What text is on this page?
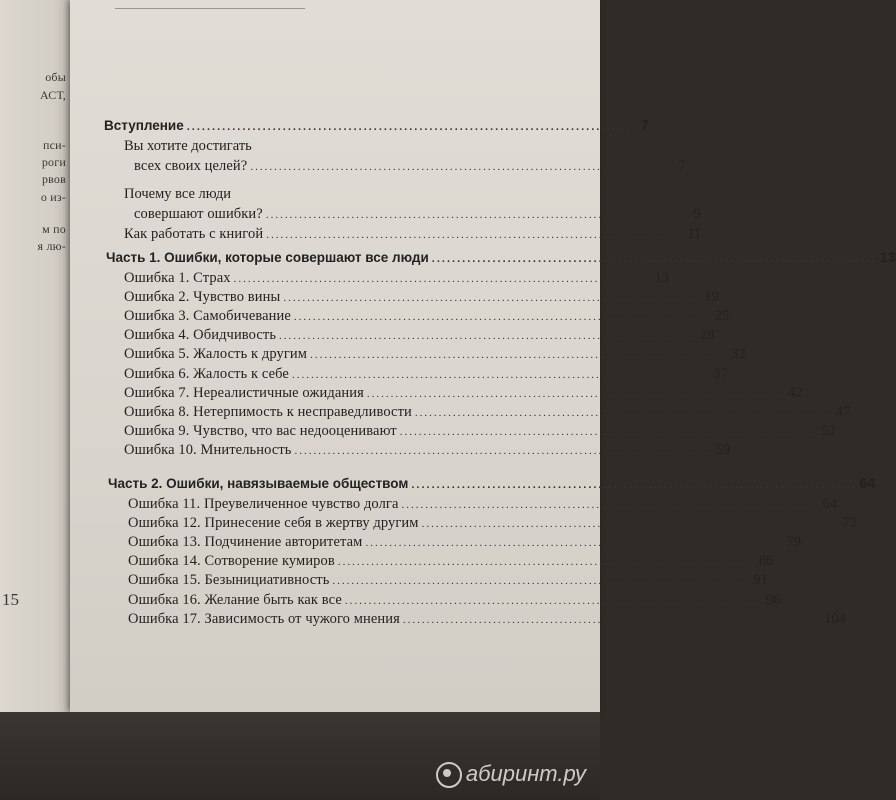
обы
АСТ,
пси-
роги
рвов
о из-
м по
я лю-
15
Вступление ........................................................................................ 7
Вы хотите достигать
всех своих целей? ........................................................................................ 7
Почему все люди
совершают ошибки? ........................................................................................ 9
Как работать с книгой ........................................................................................ 11
Часть 1. Ошибки, которые совершают все люди ........................................................................................ 13
Ошибка 1. Страх ........................................................................................ 13
Ошибка 2. Чувство вины ........................................................................................ 19
Ошибка 3. Самобичевание ........................................................................................ 25
Ошибка 4. Обидчивость ........................................................................................ 28
Ошибка 5. Жалость к другим ........................................................................................ 32
Ошибка 6. Жалость к себе ........................................................................................ 37
Ошибка 7. Нереалистичные ожидания ........................................................................................ 42
Ошибка 8. Нетерпимость к несправедливости ........................................................................................ 47
Ошибка 9. Чувство, что вас недооценивают ........................................................................................ 53
Ошибка 10. Мнительность ........................................................................................ 59
Часть 2. Ошибки, навязываемые обществом ........................................................................................ 64
Ошибка 11. Преувеличенное чувство долга ........................................................................................ 64
Ошибка 12. Принесение себя в жертву другим ........................................................................................ 72
Ошибка 13. Подчинение авторитетам ........................................................................................ 79
Ошибка 14. Сотворение кумиров ........................................................................................ 86
Ошибка 15. Безынициативность ........................................................................................ 91
Ошибка 16. Желание быть как все ........................................................................................ 96
Ошибка 17. Зависимость от чужого мнения ........................................................................................ 104
абиринт.ру
